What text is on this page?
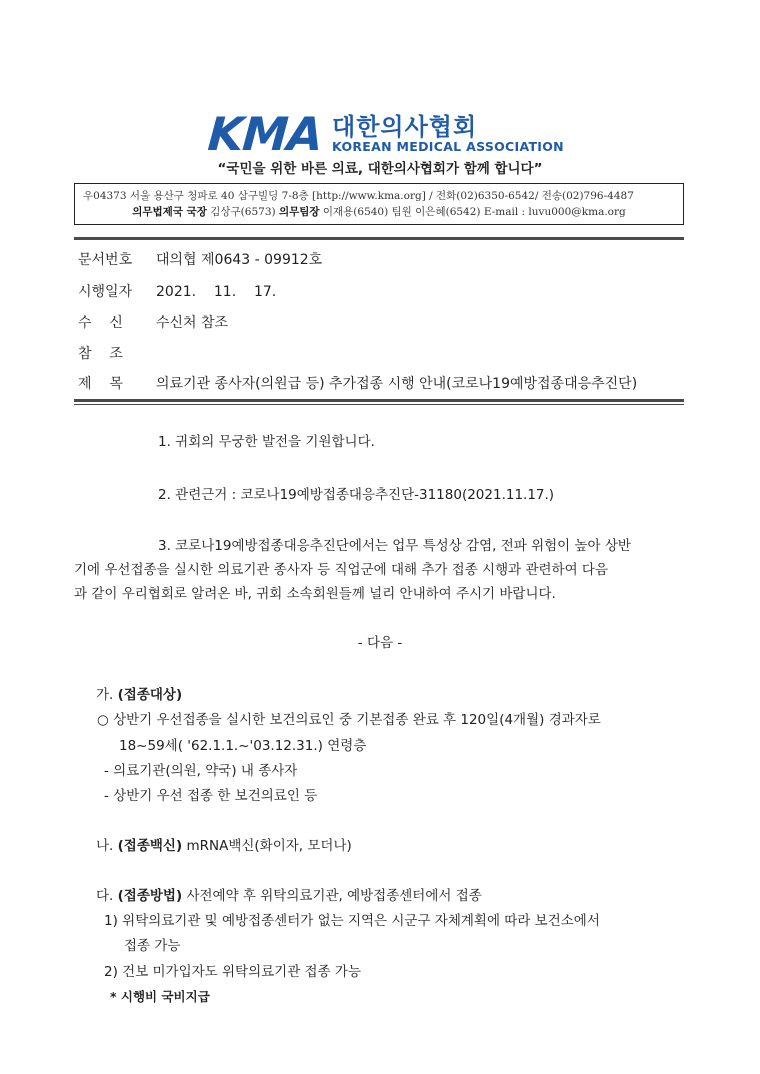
KMA 대한의사협회
KOREAN MEDICAL ASSOCIATION
“국민을 위한 바른 의료, 대한의사협회가 함께 합니다”
우04373 서울 용산구 청파로 40 삼구빌딩 7-8층 [http://www.kma.org] / 전화(02)6350-6542/ 전송(02)796-4487
의무법제국 국장 김상구(6573) 의무팀장 이재용(6540) 팀원 이은혜(6542) E-mail : luvu000@kma.org
문서번호 대의협 제0643 - 09912호
시행일자 2021.    11.    17.
수    신 수신처 참조
참    조
제    목 의료기관 종사자(의원급 등) 추가접종 시행 안내(코로나19예방접종대응추진단)
1. 귀회의 무궁한 발전을 기원합니다.
2. 관련근거 : 코로나19예방접종대응추진단-31180(2021.11.17.)
3. 코로나19예방접종대응추진단에서는 업무 특성상 감염, 전파 위험이 높아 상반
기에 우선접종을 실시한 의료기관 종사자 등 직업군에 대해 추가 접종 시행과 관련하여 다음
과 같이 우리협회로 알려온 바, 귀회 소속회원들께 널리 안내하여 주시기 바랍니다.
- 다음 -
가. (접종대상)
○ 상반기 우선접종을 실시한 보건의료인 중 기본접종 완료 후 120일(4개월) 경과자로
18~59세( '62.1.1.~'03.12.31.) 연령층
- 의료기관(의원, 약국) 내 종사자
- 상반기 우선 접종 한 보건의료인 등
나. (접종백신) mRNA백신(화이자, 모더나)
다. (접종방법) 사전예약 후 위탁의료기관, 예방접종센터에서 접종
1) 위탁의료기관 및 예방접종센터가 없는 지역은 시군구 자체계획에 따라 보건소에서
접종 가능
2) 건보 미가입자도 위탁의료기관 접종 가능
* 시행비 국비지급
